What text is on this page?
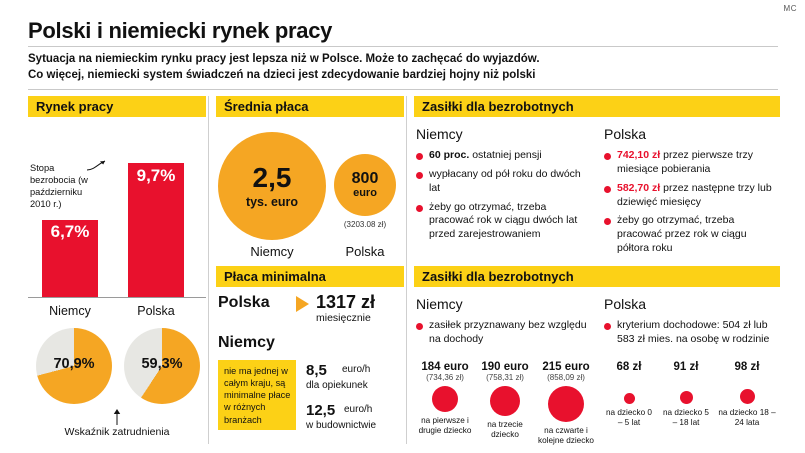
MC
Polski i niemiecki rynek pracy
Sytuacja na niemieckim rynku pracy jest lepsza niż w Polsce. Może to zachęcać do wyjazdów.
Co więcej, niemiecki system świadczeń na dzieci jest zdecydowanie bardziej hojny niż polski
Rynek pracy
Stopa bezrobocia (w październiku 2010 r.)
6,7%
9,7%
Niemcy	Polska
70,9%	59,3%
Wskaźnik zatrudnienia
Średnia płaca
2,5
tys. euro
800
euro
(3203.08 zł)
Niemcy	Polska
Płaca minimalna
Polska	1317 zł
miesięcznie
Niemcy
nie ma jednej w całym kraju, są minimalne płace w różnych branżach
8,5 euro/h
dla opiekunek
12,5 euro/h
w budownictwie
Zasiłki dla bezrobotnych
Niemcy
60 proc. ostatniej pensji
wypłacany od pół roku do dwóch lat
żeby go otrzymać, trzeba pracować rok w ciągu dwóch lat przed zarejestrowaniem
Polska
742,10 zł przez pierwsze trzy miesiące pobierania
582,70 zł przez następne trzy lub dziewięć miesięcy
żeby go otrzymać, trzeba pracować przez rok w ciągu półtora roku
Zasiłki dla bezrobotnych
Niemcy
zasiłek przyznawany bez względu na dochody
Polska
kryterium dochodowe: 504 zł lub 583 zł mies. na osobę w rodzinie
184 euro
(734,36 zł)
na pierwsze i drugie dziecko
190 euro
(758,31 zł)
na trzecie dziecko
215 euro
(858,09 zł)
na czwarte i kolejne dziecko
68 zł
na dziecko 0 – 5 lat
91 zł
na dziecko 5 – 18 lat
98 zł
na dziecko 18 – 24 lata
